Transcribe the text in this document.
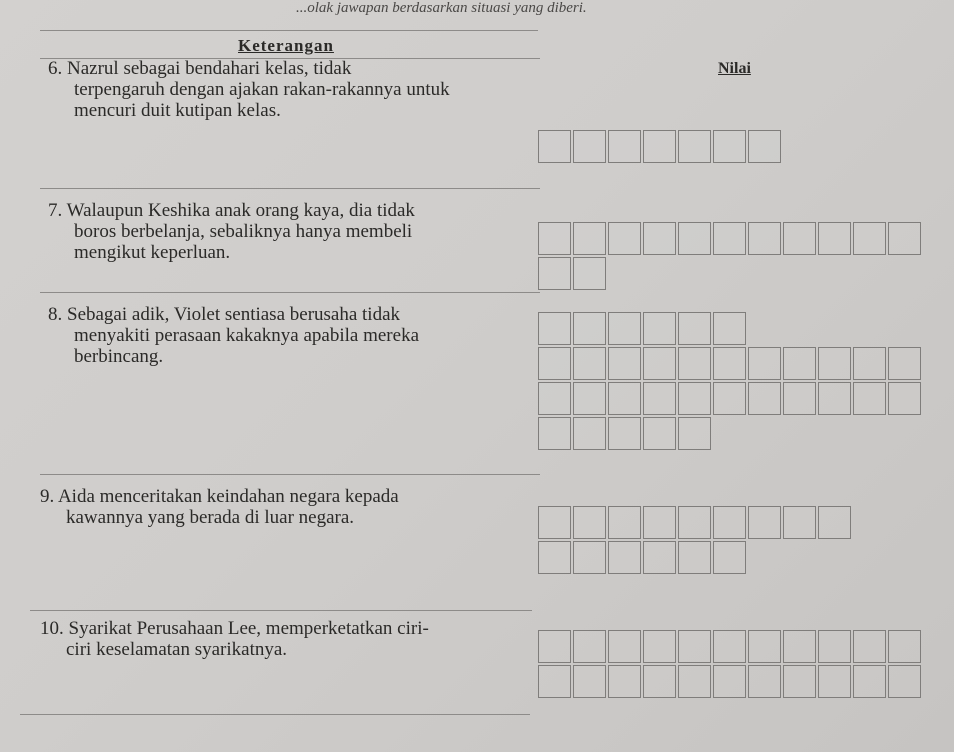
...olak jawapan berdasarkan situasi yang diberi.
Keterangan
Nilai
6. Nazrul sebagai bendahari kelas, tidak
terpengaruh dengan ajakan rakan-rakannya untuk
mencuri duit kutipan kelas.
7. Walaupun Keshika anak orang kaya, dia tidak
boros berbelanja, sebaliknya hanya membeli
mengikut keperluan.
8. Sebagai adik, Violet sentiasa berusaha tidak
menyakiti perasaan kakaknya apabila mereka
berbincang.
9. Aida menceritakan keindahan negara kepada
kawannya yang berada di luar negara.
10. Syarikat Perusahaan Lee, memperketatkan ciri-
ciri keselamatan syarikatnya.
